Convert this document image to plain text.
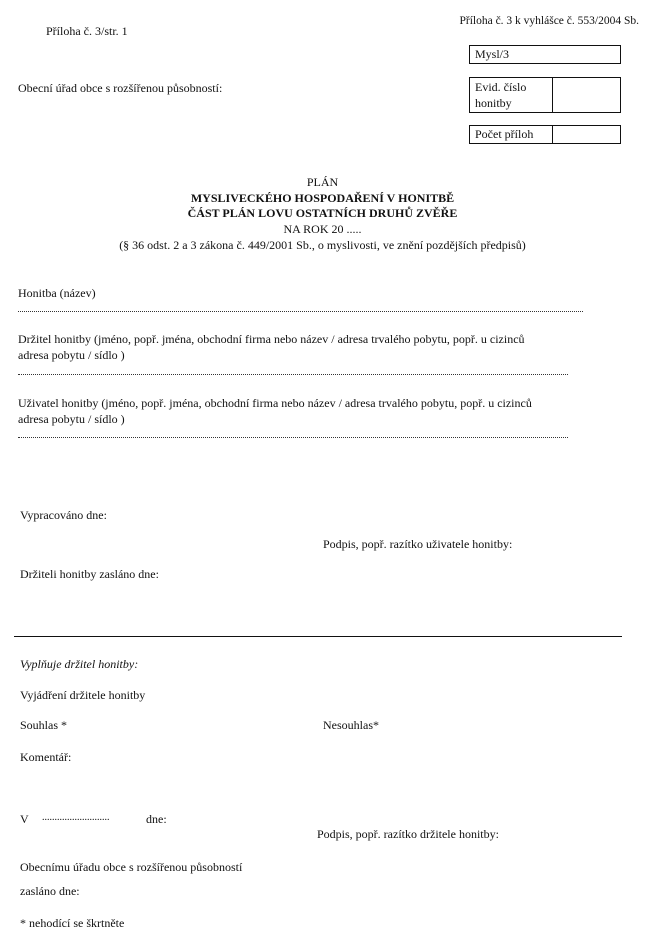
Příloha č. 3/str. 1
Příloha č. 3 k vyhlášce č. 553/2004 Sb.
Mysl/3
Evid. číslo
honitby
Počet příloh
Obecní úřad obce s rozšířenou působností:
PLÁN
MYSLIVECKÉHO HOSPODAŘENÍ V HONITBĚ
ČÁST PLÁN LOVU OSTATNÍCH DRUHŮ ZVĚŘE
NA ROK 20 .....
(§ 36 odst. 2 a 3 zákona č. 449/2001 Sb., o myslivosti, ve znění pozdějších předpisů)
Honitba (název)
Držitel honitby (jméno, popř. jména, obchodní firma nebo název / adresa trvalého pobytu, popř. u cizinců
adresa pobytu / sídlo )
Uživatel honitby (jméno, popř. jména, obchodní firma nebo název / adresa trvalého pobytu, popř. u cizinců
adresa pobytu / sídlo )
Vypracováno dne:
Podpis, popř. razítko uživatele honitby:
Držiteli honitby zasláno dne:
Vyplňuje držitel honitby:
Vyjádření držitele honitby
Souhlas *	Nesouhlas*
Komentář:
V ...........................	dne:
Podpis, popř. razítko držitele honitby:
Obecnímu úřadu obce s rozšířenou působností
zasláno dne:
* nehodící se škrtněte
